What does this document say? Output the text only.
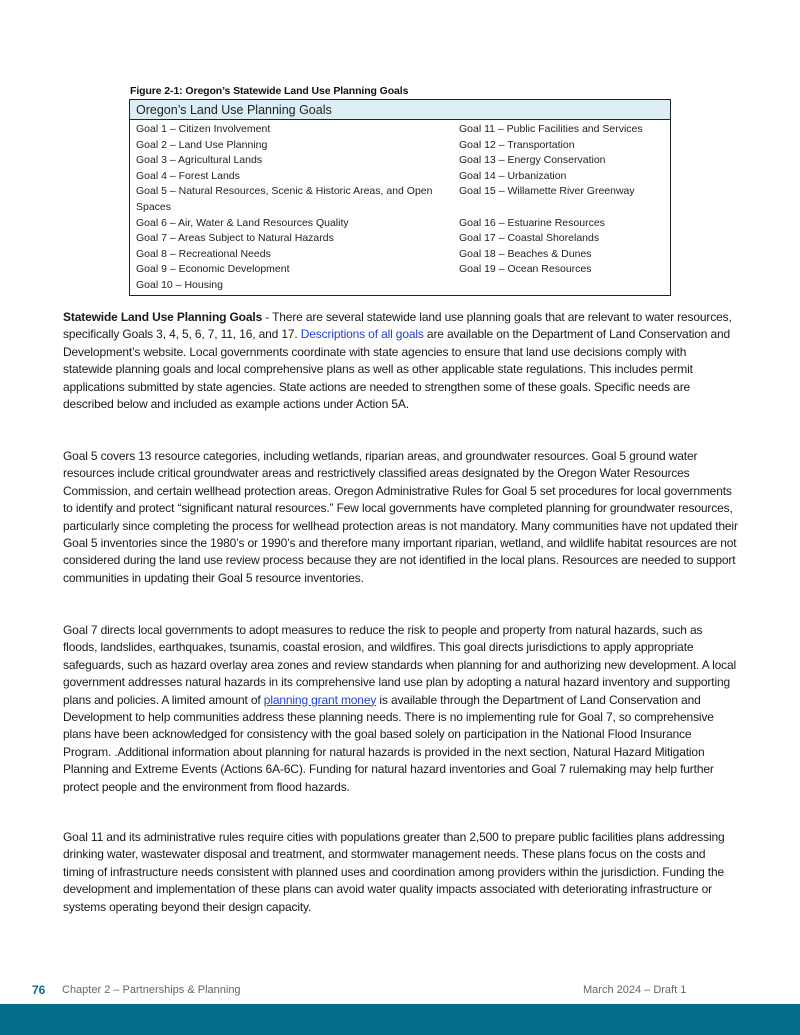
Figure 2-1: Oregon’s Statewide Land Use Planning Goals
Oregon’s Land Use Planning Goals
Goal 1 – Citizen Involvement
Goal 2 – Land Use Planning
Goal 3 – Agricultural Lands
Goal 4 – Forest Lands
Goal 5 – Natural Resources, Scenic & Historic Areas, and Open Spaces
Goal 6 – Air, Water & Land Resources Quality
Goal 7 – Areas Subject to Natural Hazards
Goal 8 – Recreational Needs
Goal 9 – Economic Development
Goal 10 – Housing
Goal 11 – Public Facilities and Services
Goal 12 – Transportation
Goal 13 – Energy Conservation
Goal 14 – Urbanization
Goal 15 – Willamette River Greenway
Goal 16 – Estuarine Resources
Goal 17 – Coastal Shorelands
Goal 18 – Beaches & Dunes
Goal 19 – Ocean Resources

Statewide Land Use Planning Goals - There are several statewide land use planning goals that are relevant to water resources, specifically Goals 3, 4, 5, 6, 7, 11, 16, and 17. Descriptions of all goals are available on the Department of Land Conservation and Development’s website. Local governments coordinate with state agencies to ensure that land use decisions comply with statewide planning goals and local comprehensive plans as well as other applicable state regulations. This includes permit applications submitted by state agencies. State actions are needed to strengthen some of these goals. Specific needs are described below and included as example actions under Action 5A.

Goal 5 covers 13 resource categories, including wetlands, riparian areas, and groundwater resources. Goal 5 ground water resources include critical groundwater areas and restrictively classified areas designated by the Oregon Water Resources Commission, and certain wellhead protection areas. Oregon Administrative Rules for Goal 5 set procedures for local governments to identify and protect “significant natural resources.” Few local governments have completed planning for groundwater resources, particularly since completing the process for wellhead protection areas is not mandatory. Many communities have not updated their Goal 5 inventories since the 1980’s or 1990’s and therefore many important riparian, wetland, and wildlife habitat resources are not considered during the land use review process because they are not identified in the local plans. Resources are needed to support communities in updating their Goal 5 resource inventories.

Goal 7 directs local governments to adopt measures to reduce the risk to people and property from natural hazards, such as floods, landslides, earthquakes, tsunamis, coastal erosion, and wildfires. This goal directs jurisdictions to apply appropriate safeguards, such as hazard overlay area zones and review standards when planning for and authorizing new development. A local government addresses natural hazards in its comprehensive land use plan by adopting a natural hazard inventory and supporting plans and policies. A limited amount of planning grant money is available through the Department of Land Conservation and Development to help communities address these planning needs. There is no implementing rule for Goal 7, so comprehensive plans have been acknowledged for consistency with the goal based solely on participation in the National Flood Insurance Program. .Additional information about planning for natural hazards is provided in the next section, Natural Hazard Mitigation Planning and Extreme Events (Actions 6A-6C). Funding for natural hazard inventories and Goal 7 rulemaking may help further protect people and the environment from flood hazards.

Goal 11 and its administrative rules require cities with populations greater than 2,500 to prepare public facilities plans addressing drinking water, wastewater disposal and treatment, and stormwater management needs. These plans focus on the costs and timing of infrastructure needs consistent with planned uses and coordination among providers within the jurisdiction. Funding the development and implementation of these plans can avoid water quality impacts associated with deteriorating infrastructure or systems operating beyond their design capacity.

76 Chapter 2 – Partnerships & Planning	March 2024 – Draft 1
